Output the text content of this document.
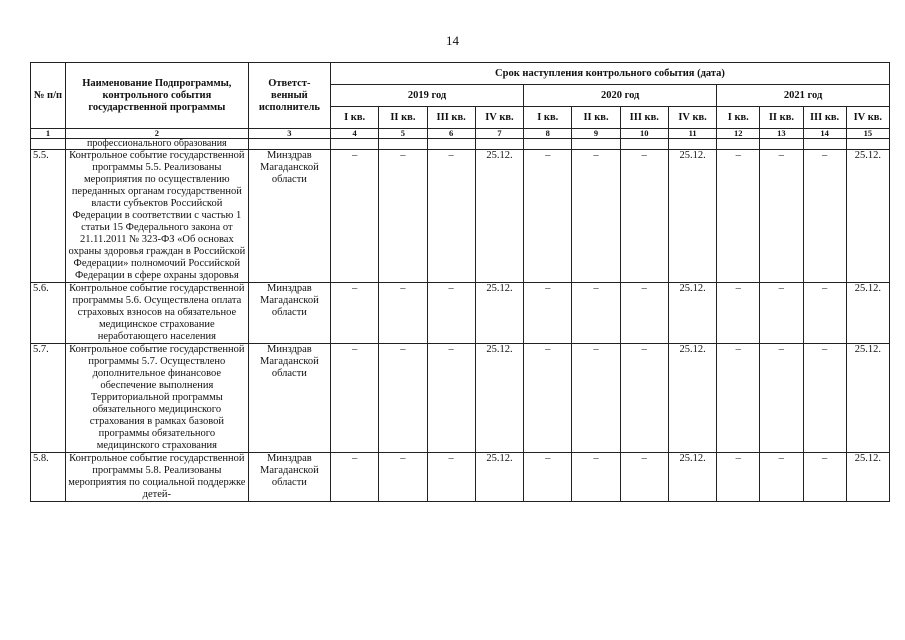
14
№ п/п	Наименование Подпрограммы, контрольного события государственной программы	Ответст-венный исполнитель	Срок наступления контрольного события (дата)											
			2019 год				2020 год				2021 год			
			I кв.	II кв.	III кв.	IV кв.	I кв.	II кв.	III кв.	IV кв.	I кв.	II кв.	III кв.	IV кв.
1	2	3	4	5	6	7	8	9	10	11	12	13	14	15
	профессионального образования													
5.5.	Контрольное событие государственной программы 5.5. Реализованы мероприятия по осуществлению переданных органам государственной власти субъектов Российской Федерации в соответствии с частью 1 статьи 15 Федерального закона от 21.11.2011 № 323-ФЗ «Об основах охраны здоровья граждан в Российской Федерации» полномочий Российской Федерации в сфере охраны здоровья	Минздрав Магаданской области	–	–	–	25.12.	–	–	–	25.12.	–	–	–	25.12.
5.6.	Контрольное событие государственной программы 5.6. Осуществлена оплата страховых взносов на обязательное медицинское страхование неработающего населения	Минздрав Магаданской области	–	–	–	25.12.	–	–	–	25.12.	–	–	–	25.12.
5.7.	Контрольное событие государственной программы 5.7. Осуществлено дополнительное финансовое обеспечение выполнения Территориальной программы обязательного медицинского страхования в рамках базовой программы обязательного медицинского страхования	Минздрав Магаданской области	–	–	–	25.12.	–	–	–	25.12.	–	–	–	25.12.
5.8.	Контрольное событие государственной программы 5.8. Реализованы мероприятия по социальной поддержке детей-	Минздрав Магаданской области	–	–	–	25.12.	–	–	–	25.12.	–	–	–	25.12.
